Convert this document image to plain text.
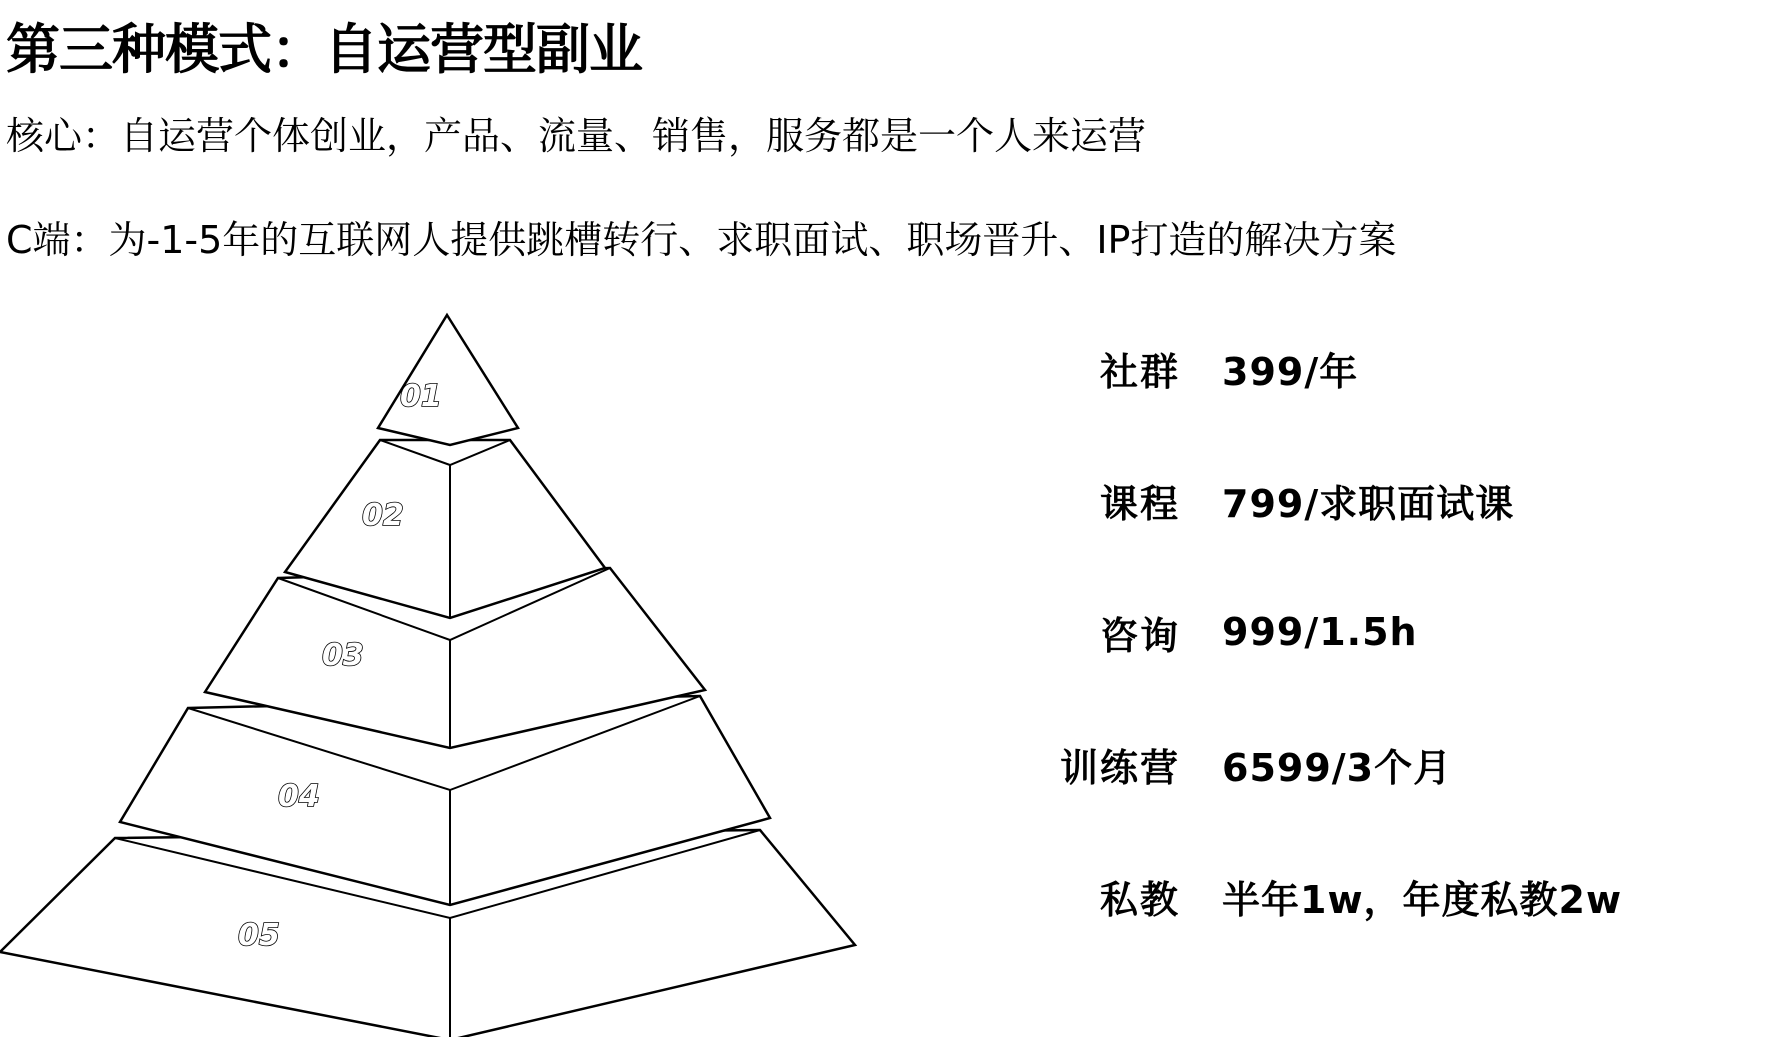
第三种模式：自运营型副业
核心：自运营个体创业，产品、流量、销售，服务都是一个人来运营
C端：为-1-5年的互联网人提供跳槽转行、求职面试、职场晋升、IP打造的解决方案
05
04
03
02
01
社群 399/年
课程 799/求职面试课
咨询 999/1.5h
训练营 6599/3个月
私教 半年1w，年度私教2w
